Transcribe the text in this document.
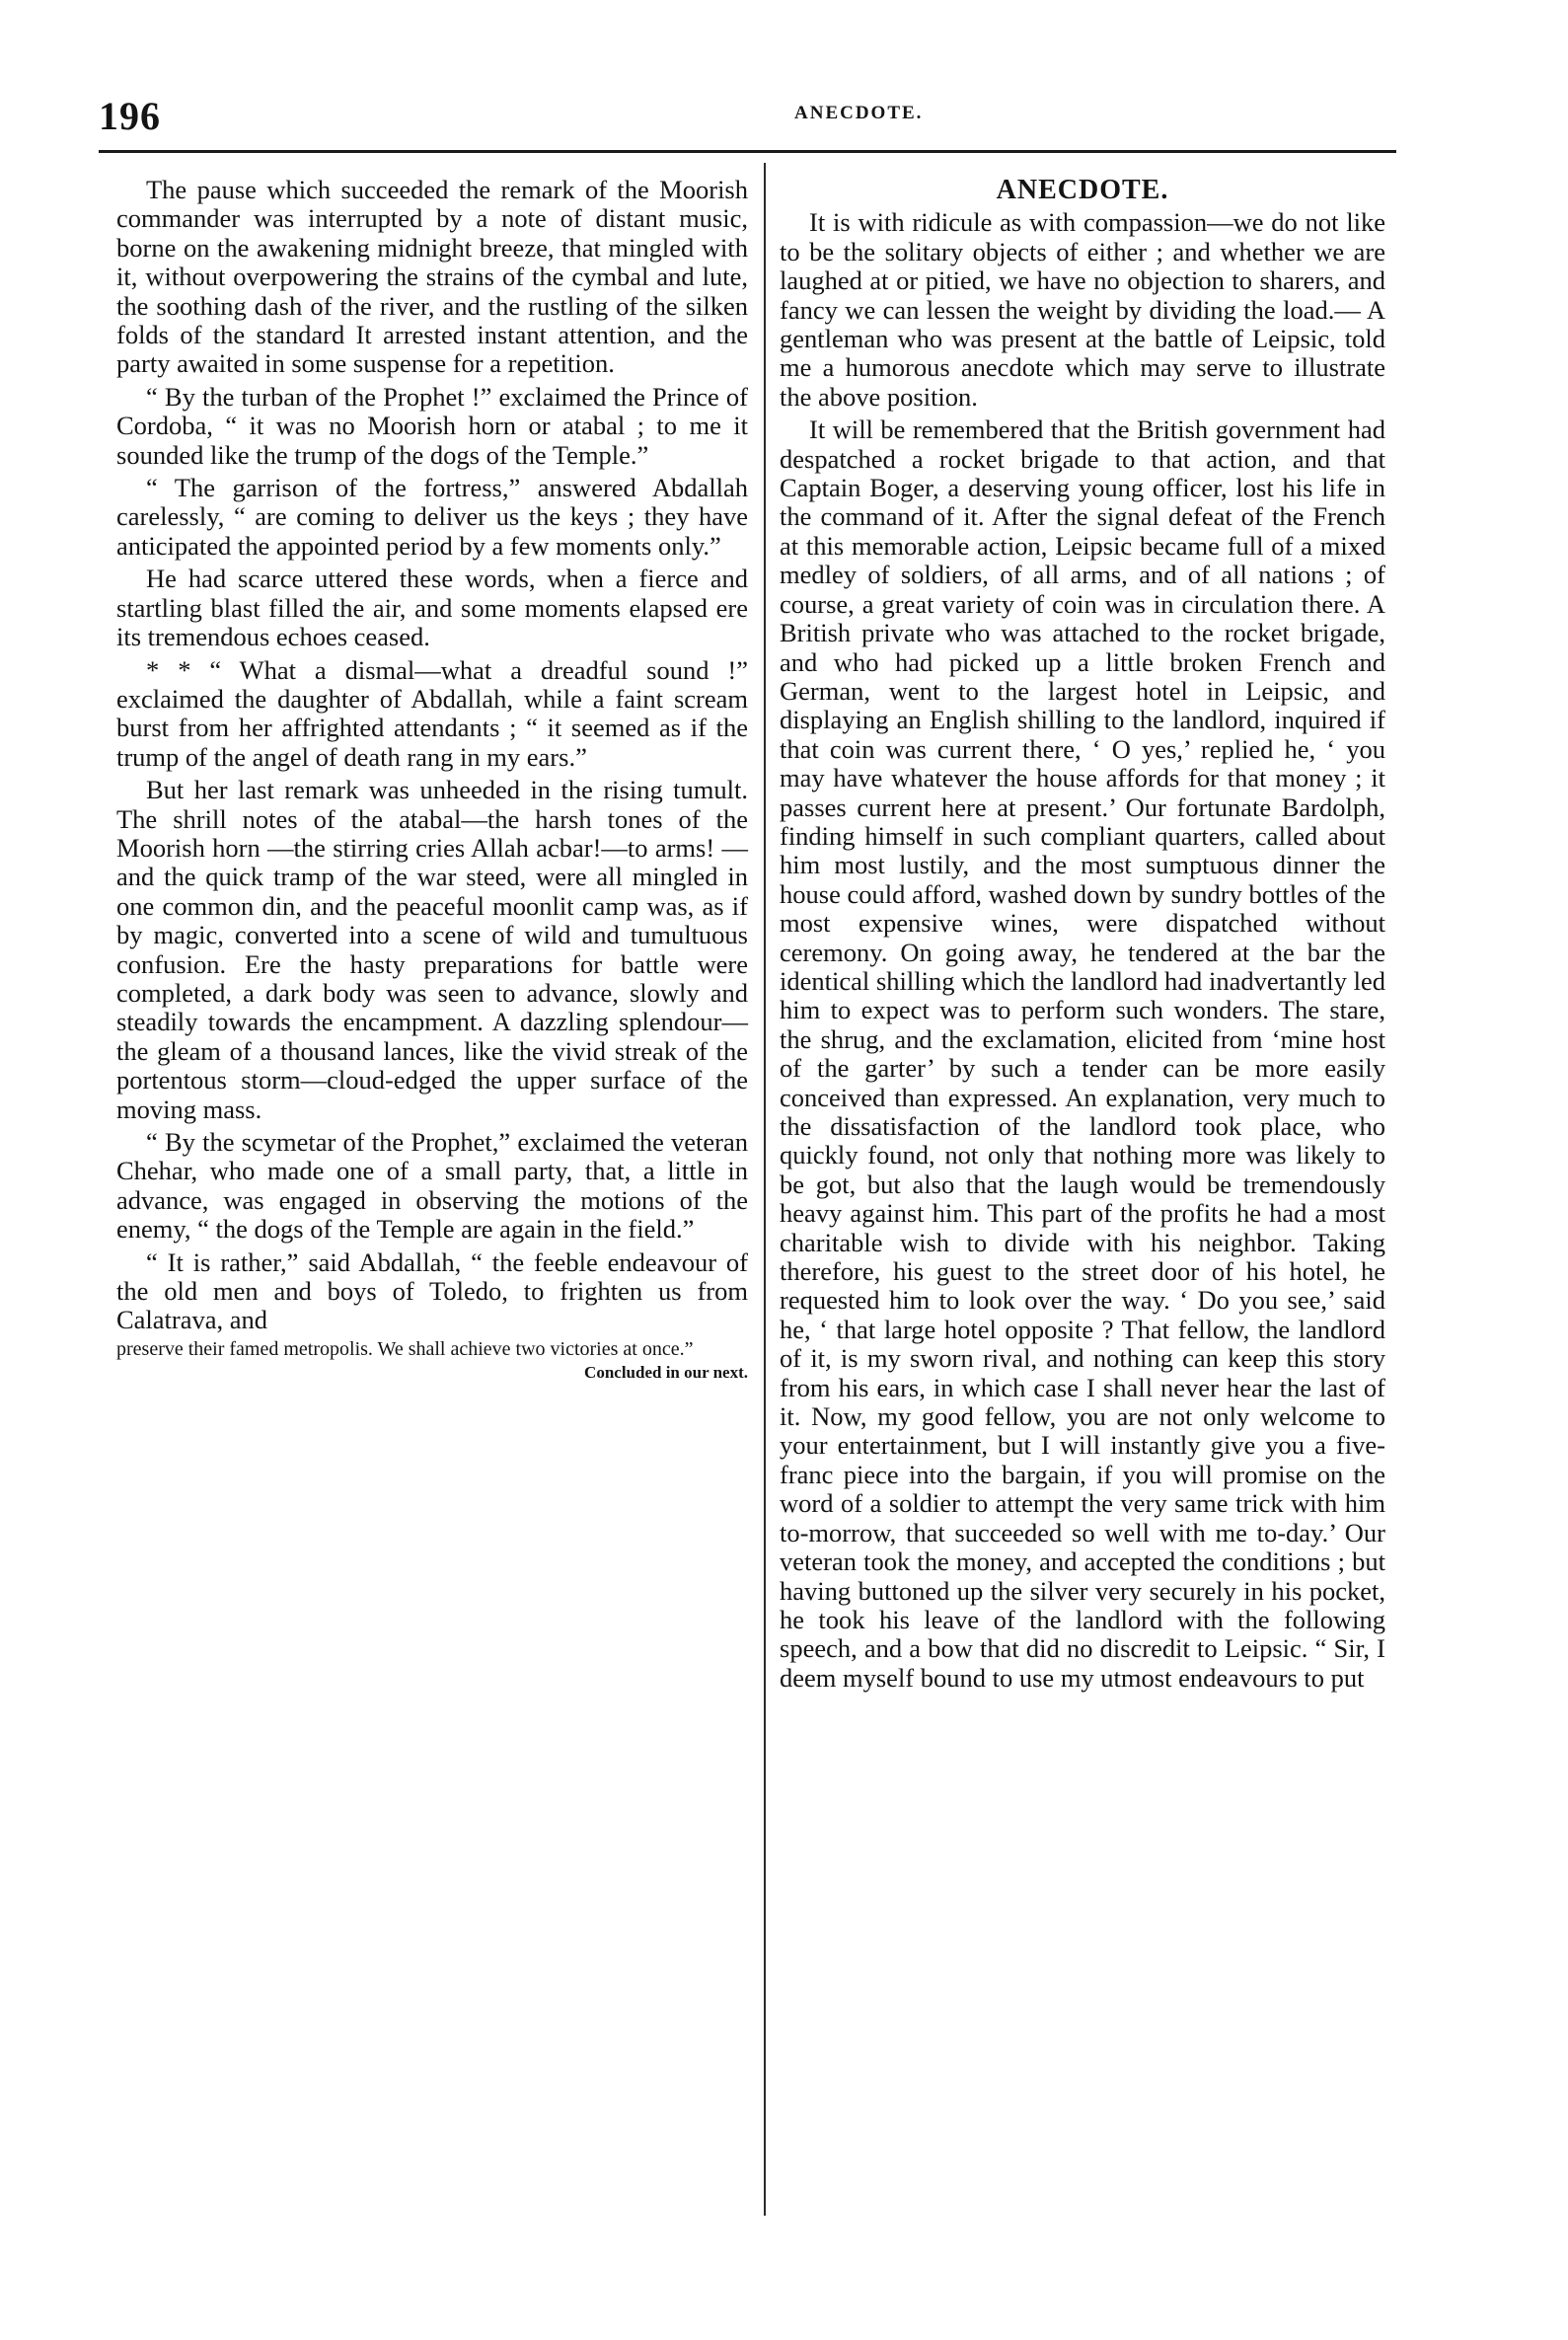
196	ANECDOTE.

The pause which succeeded the remark of the Moorish commander was interrupted by a note of distant music, borne on the awakening midnight breeze, that mingled with it, without overpowering the strains of the cymbal and lute, the soothing dash of the river, and the rustling of the silken folds of the standard It arrested instant attention, and the party awaited in some suspense for a repetition.

“ By the turban of the Prophet !” exclaimed the Prince of Cordoba, “ it was no Moorish horn or atabal ; to me it sounded like the trump of the dogs of the Temple.”

“ The garrison of the fortress,” answered Abdallah carelessly, “ are coming to deliver us the keys ; they have anticipated the appointed period by a few moments only.”

He had scarce uttered these words, when a fierce and startling blast filled the air, and some moments elapsed ere its tremendous echoes ceased.

* * “ What a dismal—what a dreadful sound !” exclaimed the daughter of Abdallah, while a faint scream burst from her affrighted attendants ; “ it seemed as if the trump of the angel of death rang in my ears.”

But her last remark was unheeded in the rising tumult. The shrill notes of the atabal—the harsh tones of the Moorish horn —the stirring cries Allah acbar!—to arms! —and the quick tramp of the war steed, were all mingled in one common din, and the peaceful moonlit camp was, as if by magic, converted into a scene of wild and tumultuous confusion. Ere the hasty preparations for battle were completed, a dark body was seen to advance, slowly and steadily towards the encampment. A dazzling splendour—the gleam of a thousand lances, like the vivid streak of the portentous storm—cloud-edged the upper surface of the moving mass.

“ By the scymetar of the Prophet,” exclaimed the veteran Chehar, who made one of a small party, that, a little in advance, was engaged in observing the motions of the enemy, “ the dogs of the Temple are again in the field.”

“ It is rather,” said Abdallah, “ the feeble endeavour of the old men and boys of Toledo, to frighten us from Calatrava, and

preserve their famed metropolis. We shall achieve two victories at once.”
Concluded in our next.

ANECDOTE.

It is with ridicule as with compassion—we do not like to be the solitary objects of either ; and whether we are laughed at or pitied, we have no objection to sharers, and fancy we can lessen the weight by dividing the load.— A gentleman who was present at the battle of Leipsic, told me a humorous anecdote which may serve to illustrate the above position.

It will be remembered that the British government had despatched a rocket brigade to that action, and that Captain Boger, a deserving young officer, lost his life in the command of it. After the signal defeat of the French at this memorable action, Leipsic became full of a mixed medley of soldiers, of all arms, and of all nations ; of course, a great variety of coin was in circulation there. A British private who was attached to the rocket brigade, and who had picked up a little broken French and German, went to the largest hotel in Leipsic, and displaying an English shilling to the landlord, inquired if that coin was current there, ‘ O yes,’ replied he, ‘ you may have whatever the house affords for that money ; it passes current here at present.’ Our fortunate Bardolph, finding himself in such compliant quarters, called about him most lustily, and the most sumptuous dinner the house could afford, washed down by sundry bottles of the most expensive wines, were dispatched without ceremony. On going away, he tendered at the bar the identical shilling which the landlord had inadvertantly led him to expect was to perform such wonders. The stare, the shrug, and the exclamation, elicited from ‘mine host of the garter’ by such a tender can be more easily conceived than expressed. An explanation, very much to the dissatisfaction of the landlord took place, who quickly found, not only that nothing more was likely to be got, but also that the laugh would be tremendously heavy against him. This part of the profits he had a most charitable wish to divide with his neighbor. Taking therefore, his guest to the street door of his hotel, he requested him to look over the way. ‘ Do you see,’ said he, ‘ that large hotel opposite ? That fellow, the landlord of it, is my sworn rival, and nothing can keep this story from his ears, in which case I shall never hear the last of it. Now, my good fellow, you are not only welcome to your entertainment, but I will instantly give you a five-franc piece into the bargain, if you will promise on the word of a soldier to attempt the very same trick with him to-morrow, that succeeded so well with me to-day.’ Our veteran took the money, and accepted the conditions ; but having buttoned up the silver very securely in his pocket, he took his leave of the landlord with the following speech, and a bow that did no discredit to Leipsic. “ Sir, I deem myself bound to use my utmost endeavours to put
